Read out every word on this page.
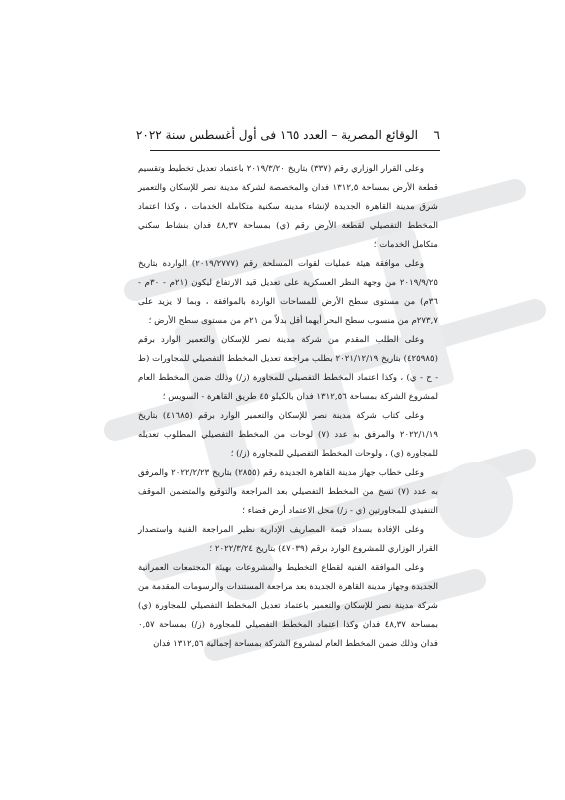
٦
الوقائع المصرية – العدد ١٦٥ فى أول أغسطس سنة ٢٠٢٢

وعلى القرار الوزاري رقم (٣٣٧) بتاريخ ٢٠١٩/٣/٢٠ باعتماد تعديل تخطيط وتقسيم قطعة الأرض بمساحة ١٣١٢,٥ فدان والمخصصة لشركة مدينة نصر للإسكان والتعمير شرق مدينة القاهرة الجديدة لإنشاء مدينة سكنية متكاملة الخدمات ، وكذا اعتماد المخطط التفصيلي لقطعة الأرض رقم (ي) بمساحة ٤٨,٣٧ فدان بنشاط سكني متكامل الخدمات ؛

وعلى موافقة هيئة عمليات لقوات المسلحة رقم (٢٠١٩/٢٧٧٧) الواردة بتاريخ ٢٠١٩/٩/٢٥ من وجهة النظر العسكرية على تعديل قيد الارتفاع ليكون (٢١م - ٣٠م - ٣٦م) من مستوى سطح الأرض للمساحات الواردة بالموافقة ، وبما لا يزيد على ٢٧٣,٧م من منسوب سطح البحر أيهما أقل بدلاً من ٢١م من مستوى سطح الأرض ؛

وعلى الطلب المقدم من شركة مدينة نصر للإسكان والتعمير الوارد برقم (٤٢٥٩٨٥) بتاريخ ٢٠٢١/١٢/١٩ بطلب مراجعة تعديل المخطط التفصيلي للمجاورات (ط - ح - ي) ، وكذا اعتماد المخطط التفصيلي للمجاورة (ز/) وذلك ضمن المخطط العام لمشروع الشركة بمساحة ١٣١٢,٥٦ فدان بالكيلو ٤٥ طريق القاهرة - السويس ؛

وعلى كتاب شركة مدينة نصر للإسكان والتعمير الوارد برقم (٤١٦٨٥) بتاريخ ٢٠٢٢/١/١٩ والمرفق به عدد (٧) لوحات من المخطط التفصيلي المطلوب تعديله للمجاورة (ي) ، ولوحات المخطط التفصيلي للمجاورة (ز/) ؛

وعلى خطاب جهاز مدينة القاهرة الجديدة رقم (٢٨٥٥) بتاريخ ٢٠٢٢/٢/٢٣ والمرفق به عدد (٧) نسخ من المخطط التفصيلي بعد المراجعة والتوقيع والمتضمن الموقف التنفيذي للمجاورتين (ي - ز/) محل الاعتماد أرض فضاء ؛

وعلى الإفادة بسداد قيمة المصاريف الإدارية نظير المراجعة الفنية واستصدار القرار الوزاري للمشروع الوارد برقم (٤٧٠٣٩) بتاريخ ٢٠٢٢/٣/٢٤ ؛

وعلى الموافقة الفنية لقطاع التخطيط والمشروعات بهيئة المجتمعات العمرانية الجديدة وجهاز مدينة القاهرة الجديدة بعد مراجعة المستندات والرسومات المقدمة من شركة مدينة نصر للإسكان والتعمير باعتماد تعديل المخطط التفصيلي للمجاورة (ي) بمساحة ٤٨,٣٧ فدان وكذا اعتماد المخطط التفصيلي للمجاورة (ز/) بمساحة ٠,٥٧ فدان وذلك ضمن المخطط العام لمشروع الشركة بمساحة إجمالية ١٣١٢,٥٦ فدان
